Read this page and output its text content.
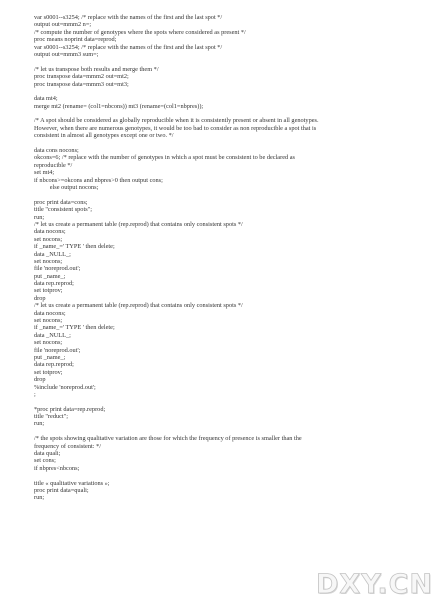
var s0001--s3254; /* replace with the names of the first and the last spot */
output out=mmm2 n=;
/* compute the number of genotypes where the spots where considered as present */
proc means noprint data=reprod;
var s0001--s3254; /* replace with the names of the first and the last spot */
output out=mmm3 sum=;
/* let us transpose both results and merge them */
proc transpose data=mmm2 out=mt2;
proc transpose data=mmm3 out=mt3;
data mt4;
merge mt2 (rename= (col1=nbcons)) mt3 (rename=(col1=nbpres));
/* A spot should be considered as globally reproducible when it is consistently present or absent in all genotypes.
However, when there are numerous genotypes, it would be too bad to consider as non reproducible a spot that is
consistent in almost all genotypes except one or two. */
data cons nocons;
okcons=6; /* replace with the number of genotypes in which a spot must be consistent to be declared as
reproducible */
set mt4;
if nbcons>=okcons and nbpres>0 then output cons;
else output nocons;
proc print data=cons;
title "consistent spots";
run;
/* let us create a permanent table (rep.reprod) that contains only consistent spots */
data nocons;
set nocons;
if _name_=' TYPE ' then delete;
data _NULL_;
set nocons;
file 'noreprod.out';
put _name_;
data rep.reprod;
set totprov;
drop
/* let us create a permanent table (rep.reprod) that contains only consistent spots */
data nocons;
set nocons;
if _name_=' TYPE ' then delete;
data _NULL_;
set nocons;
file 'noreprod.out';
put _name_;
data rep.reprod;
set totprov;
drop
%include 'noreprod.out';
;
*proc print data=rep.reprod;
title "reduct";
run;
/* the spots showing qualitative variation are those for which the frequency of presence is smaller than the
frequency of consistent: */
data quali;
set cons;
if nbpres<nbcons;
title « qualitative variations »;
proc print data=quali;
run;
DXY.CN
